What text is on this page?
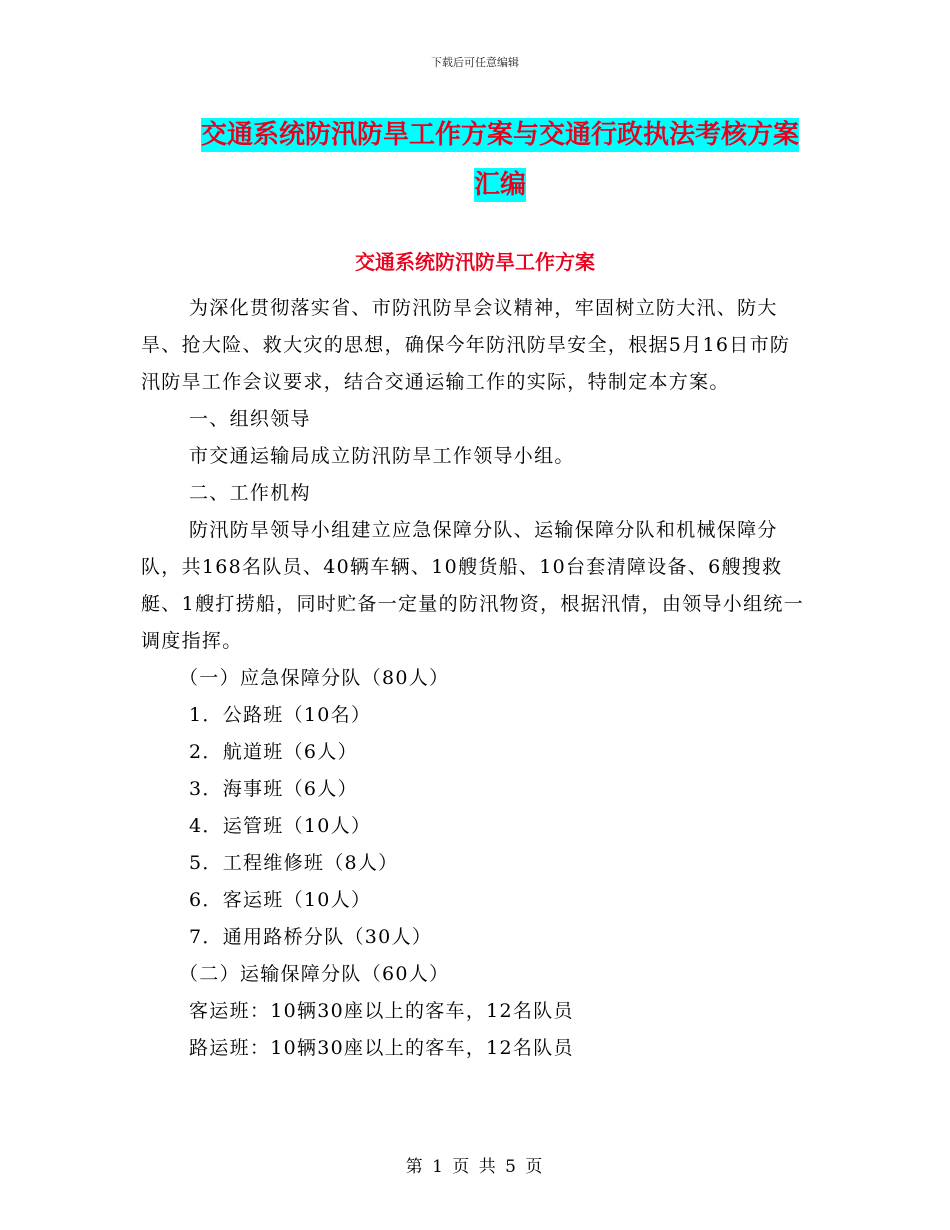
下载后可任意编辑
交通系统防汛防旱工作方案与交通行政执法考核方案
汇编
交通系统防汛防旱工作方案

为深化贯彻落实省、市防汛防旱会议精神，牢固树立防大汛、防大旱、抢大险、救大灾的思想，确保今年防汛防旱安全，根据5月16日市防汛防旱工作会议要求，结合交通运输工作的实际，特制定本方案。

一、组织领导

市交通运输局成立防汛防旱工作领导小组。

二、工作机构

防汛防旱领导小组建立应急保障分队、运输保障分队和机械保障分队，共168名队员、40辆车辆、10艘货船、10台套清障设备、6艘搜救艇、1艘打捞船，同时贮备一定量的防汛物资，根据汛情，由领导小组统一调度指挥。

（一）应急保障分队（80人）

1．公路班（10名）

2．航道班（6人）

3．海事班（6人）

4．运管班（10人）

5．工程维修班（8人）

6．客运班（10人）

7．通用路桥分队（30人）

（二）运输保障分队（60人）

客运班：10辆30座以上的客车，12名队员

路运班：10辆30座以上的客车，12名队员

第 1 页 共 5 页
